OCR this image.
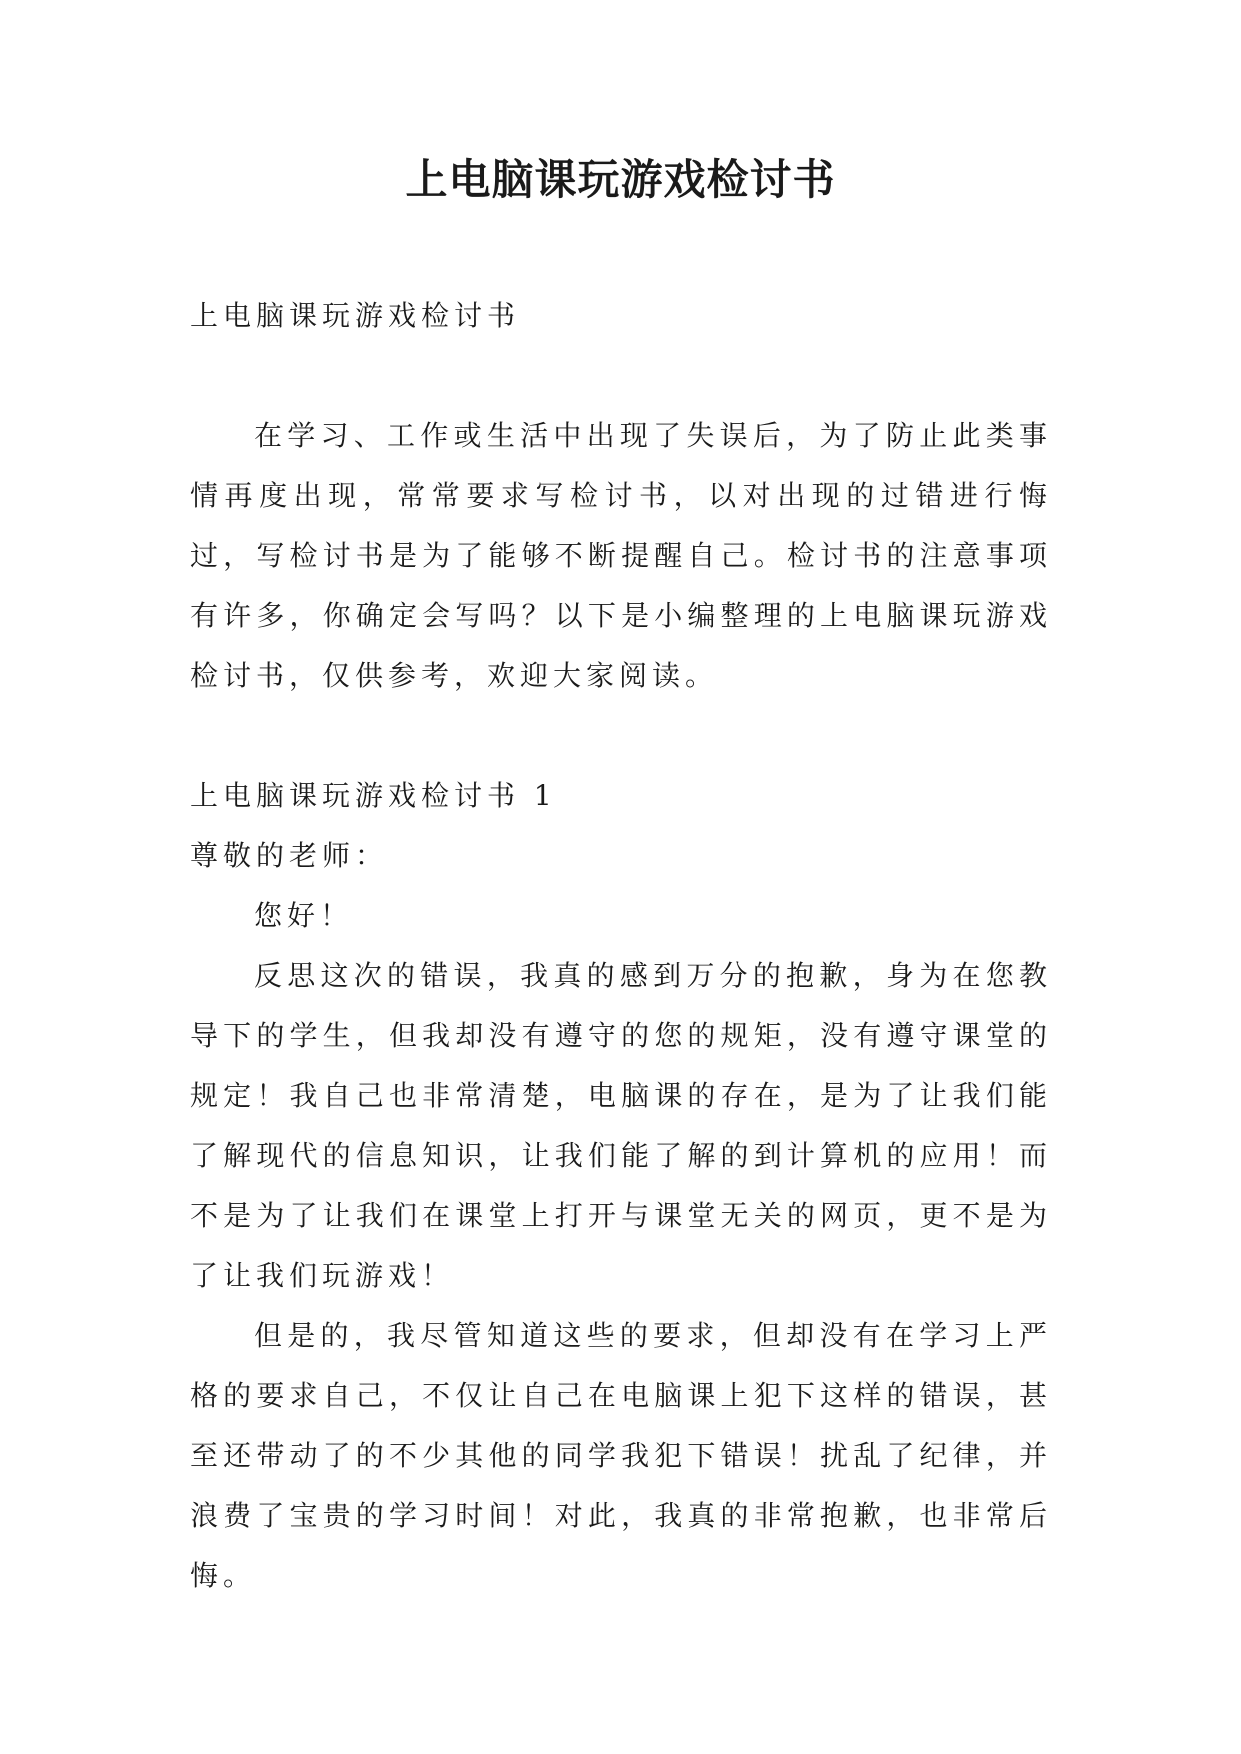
上电脑课玩游戏检讨书

上电脑课玩游戏检讨书

在学习、工作或生活中出现了失误后，为了防止此类事情再度出现，常常要求写检讨书，以对出现的过错进行悔过，写检讨书是为了能够不断提醒自己。检讨书的注意事项有许多，你确定会写吗？以下是小编整理的上电脑课玩游戏检讨书，仅供参考，欢迎大家阅读。

上电脑课玩游戏检讨书 1

尊敬的老师：

您好！

反思这次的错误，我真的感到万分的抱歉，身为在您教导下的学生，但我却没有遵守的您的规矩，没有遵守课堂的规定！我自己也非常清楚，电脑课的存在，是为了让我们能了解现代的信息知识，让我们能了解的到计算机的应用！而不是为了让我们在课堂上打开与课堂无关的网页，更不是为了让我们玩游戏！

但是的，我尽管知道这些的要求，但却没有在学习上严格的要求自己，不仅让自己在电脑课上犯下这样的错误，甚至还带动了的不少其他的同学我犯下错误！扰乱了纪律，并浪费了宝贵的学习时间！对此，我真的非常抱歉，也非常后悔。
